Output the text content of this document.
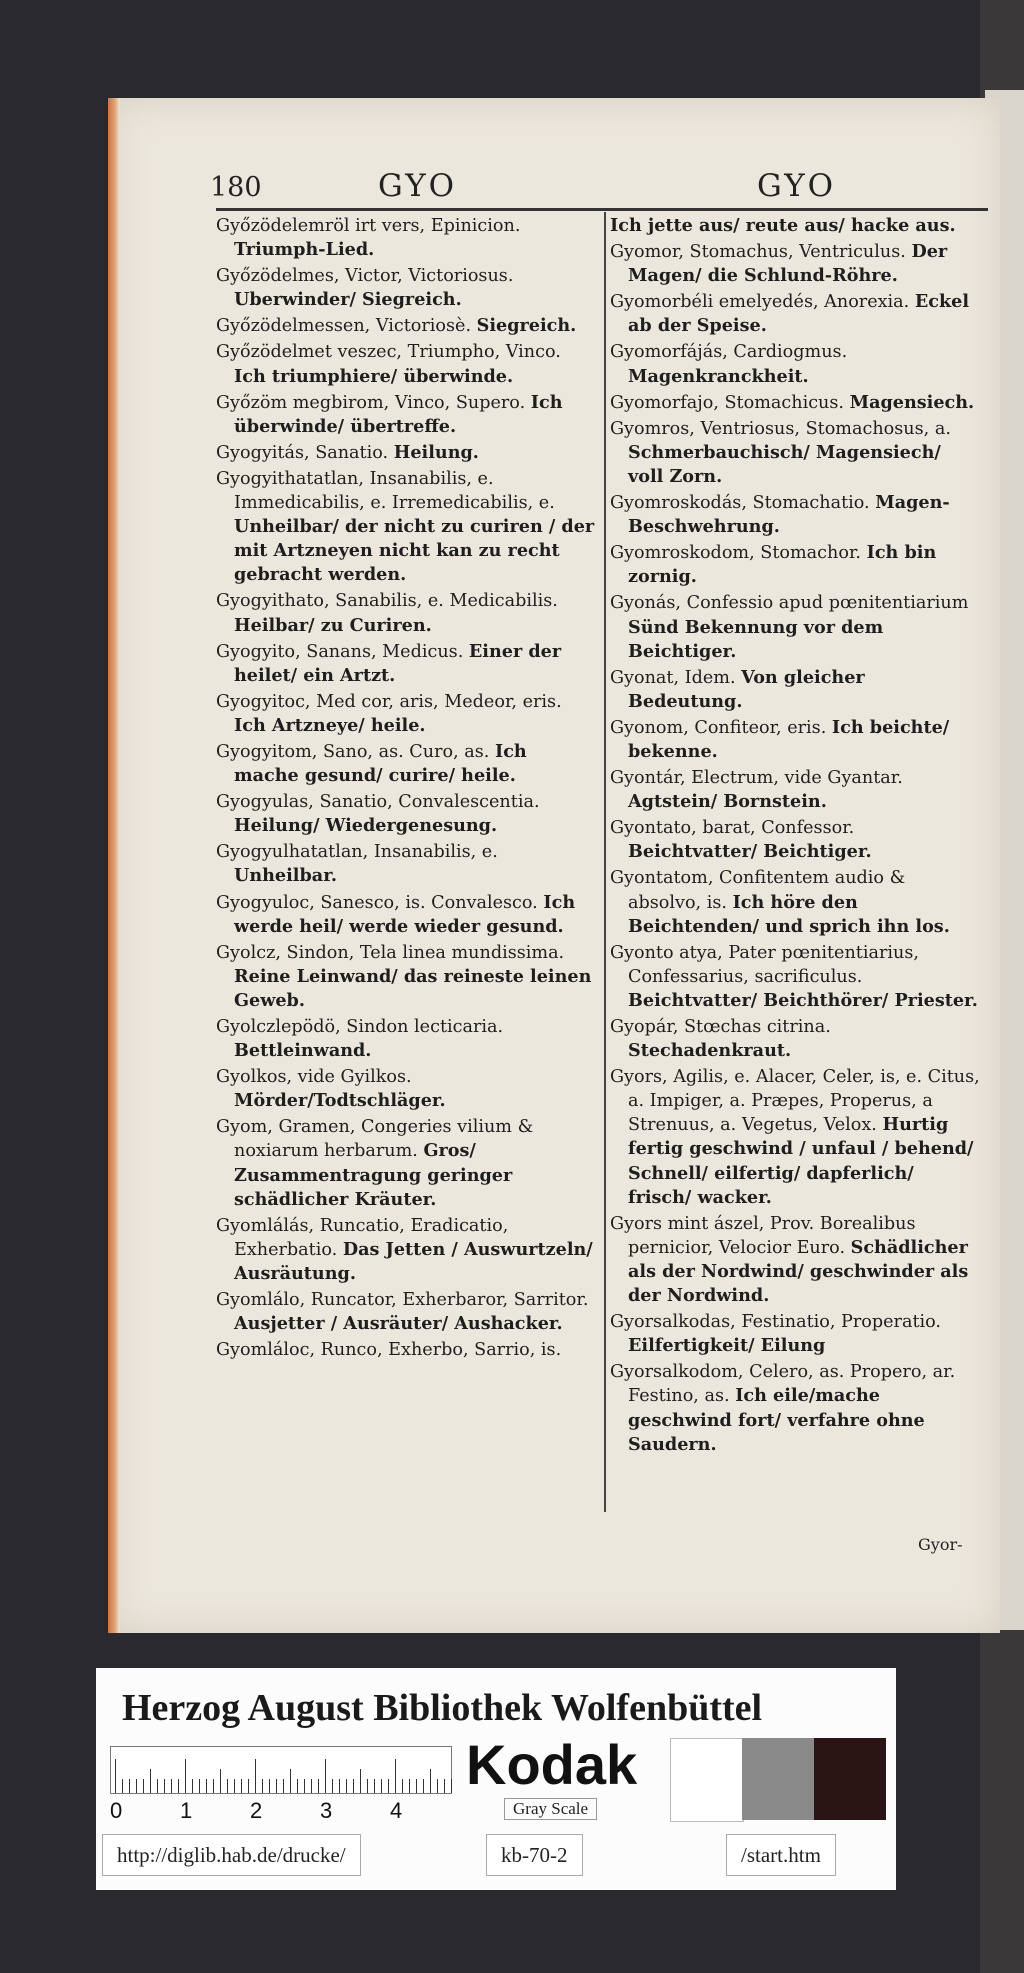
180	GYO	GYO
Győzödelemröl irt vers, Epinicion. Triumph-Lied.
Győzödelmes, Victor, Victoriosus. Uberwinder/ Siegreich.
Győzödelmessen, Victoriosè. Siegreich.
Győzödelmet veszec, Triumpho, Vinco. Ich triumphiere/ überwinde.
Győzöm megbirom, Vinco, Supero. Ich überwinde/ übertreffe.
Gyogyitás, Sanatio. Heilung.
Gyogyithatatlan, Insanabilis, e. Immedicabilis, e. Irremedicabilis, e. Unheilbar/ der nicht zu curiren / der mit Artzneyen nicht kan zu recht gebracht werden.
Gyogyithato, Sanabilis, e. Medicabilis. Heilbar/ zu Curiren.
Gyogyito, Sanans, Medicus. Einer der heilet/ ein Artzt.
Gyogyitoc, Med cor, aris, Medeor, eris. Ich Artzneye/ heile.
Gyogyitom, Sano, as. Curo, as. Ich mache gesund/ curire/ heile.
Gyogyulas, Sanatio, Convalescentia. Heilung/ Wiedergenesung.
Gyogyulhatatlan, Insanabilis, e. Unheilbar.
Gyogyuloc, Sanesco, is. Convalesco. Ich werde heil/ werde wieder gesund.
Gyolcz, Sindon, Tela linea mundissima. Reine Leinwand/ das reineste leinen Geweb.
Gyolczlepödö, Sindon lecticaria. Bettleinwand.
Gyolkos, vide Gyilkos. Mörder/Todtschläger.
Gyom, Gramen, Congeries vilium & noxiarum herbarum. Gros/ Zusammentragung geringer schädlicher Kräuter.
Gyomlálás, Runcatio, Eradicatio, Exherbatio. Das Jetten / Auswurtzeln/ Ausräutung.
Gyomlálo, Runcator, Exherbaror, Sarritor. Ausjetter / Ausräuter/ Aushacker.
Gyomláloc, Runco, Exherbo, Sarrio, is.
Ich jette aus/ reute aus/ hacke aus.
Gyomor, Stomachus, Ventriculus. Der Magen/ die Schlund-Röhre.
Gyomorbéli emelyedés, Anorexia. Eckel ab der Speise.
Gyomorfájás, Cardiogmus. Magenkranckheit.
Gyomorfajo, Stomachicus. Magensiech.
Gyomros, Ventriosus, Stomachosus, a. Schmerbauchisch/ Magensiech/ voll Zorn.
Gyomroskodás, Stomachatio. Magen-Beschwehrung.
Gyomroskodom, Stomachor. Ich bin zornig.
Gyonás, Confessio apud pœnitentiarium Sünd Bekennung vor dem Beichtiger.
Gyonat, Idem. Von gleicher Bedeutung.
Gyonom, Confiteor, eris. Ich beichte/ bekenne.
Gyontár, Electrum, vide Gyantar. Agtstein/ Bornstein.
Gyontato, barat, Confessor. Beichtvatter/ Beichtiger.
Gyontatom, Confitentem audio & absolvo, is. Ich höre den Beichtenden/ und sprich ihn los.
Gyonto atya, Pater pœnitentiarius, Confessarius, sacrificulus. Beichtvatter/ Beichthörer/ Priester.
Gyopár, Stœchas citrina. Stechadenkraut.
Gyors, Agilis, e. Alacer, Celer, is, e. Citus, a. Impiger, a. Præpes, Properus, a Strenuus, a. Vegetus, Velox. Hurtig fertig geschwind / unfaul / behend/ Schnell/ eilfertig/ dapferlich/ frisch/ wacker.
Gyors mint ászel, Prov. Borealibus pernicior, Velocior Euro. Schädlicher als der Nordwind/ geschwinder als der Nordwind.
Gyorsalkodas, Festinatio, Properatio. Eilfertigkeit/ Eilung
Gyorsalkodom, Celero, as. Propero, ar. Festino, as. Ich eile/mache geschwind fort/ verfahre ohne Saudern.
Gyor-
Herzog August Bibliothek Wolfenbüttel
0	1	2	3	4
Kodak
Gray Scale
http://diglib.hab.de/drucke/	kb-70-2	/start.htm
